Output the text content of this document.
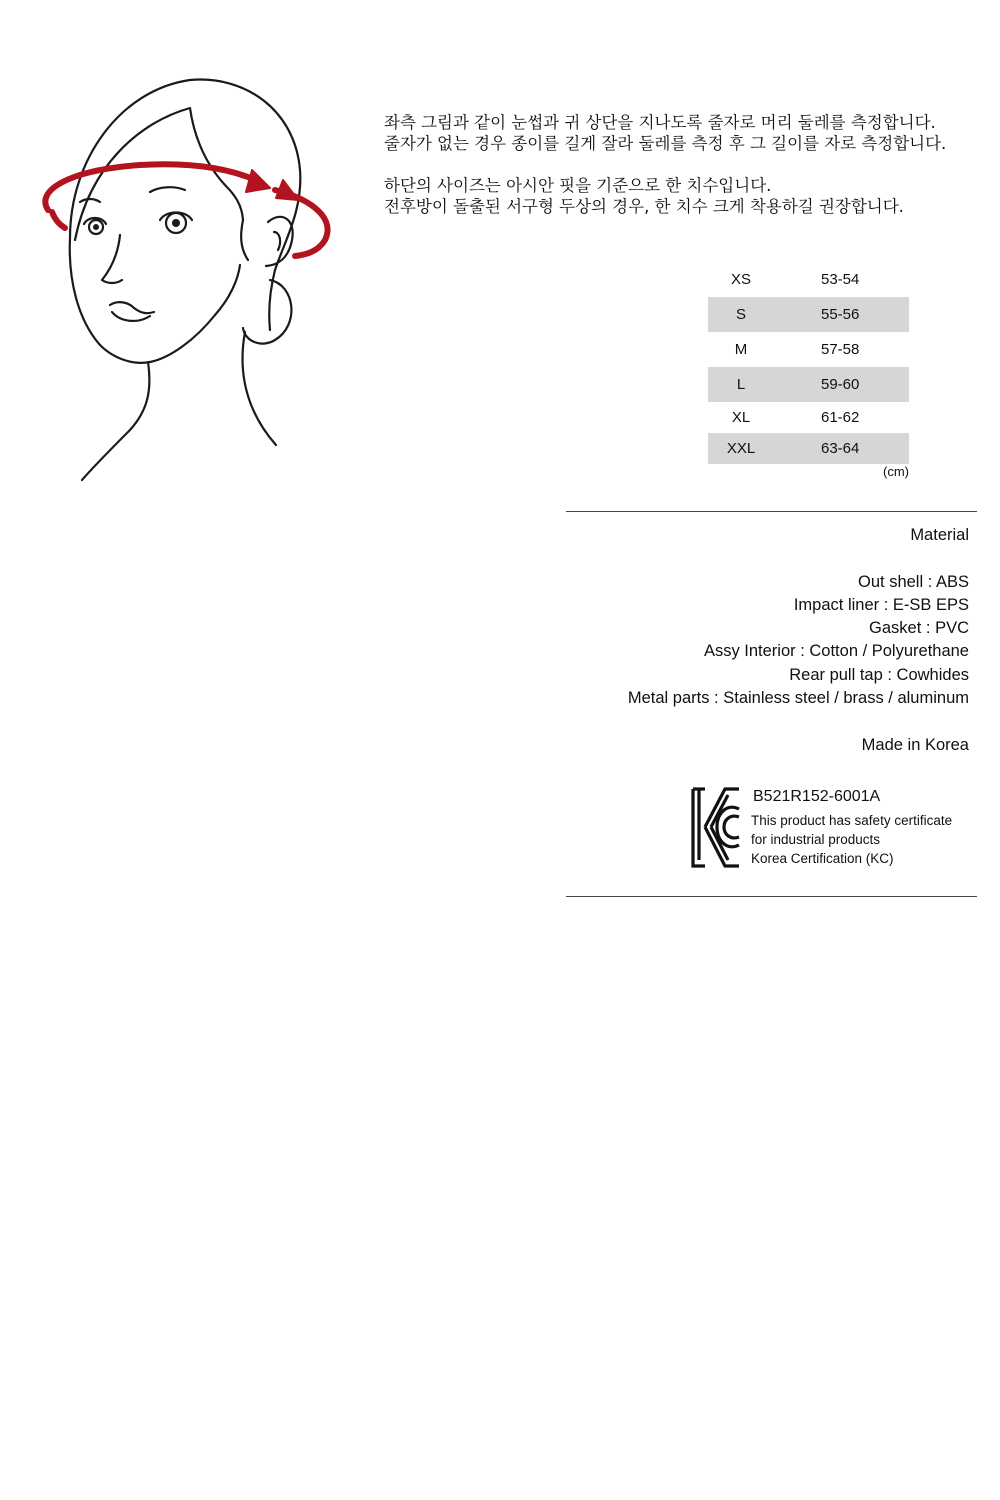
좌측 그림과 같이 눈썹과 귀 상단을 지나도록 줄자로 머리 둘레를 측정합니다.

줄자가 없는 경우 종이를 길게 잘라 둘레를 측정 후 그 길이를 자로 측정합니다.

하단의 사이즈는 아시안 핏을 기준으로 한 치수입니다.

전후방이 돌출된 서구형 두상의 경우, 한 치수 크게 착용하길 권장합니다.

XS	53-54
S	55-56
M	57-58
L	59-60
XL	61-62
XXL	63-64
(cm)

Material

Out shell : ABS

Impact liner : E-SB EPS

Gasket : PVC

Assy Interior : Cotton / Polyurethane

Rear pull tap : Cowhides

Metal parts : Stainless steel / brass / aluminum

Made in Korea

B521R152-6001A

This product has safety certificate

for industrial products

Korea Certification (KC)
